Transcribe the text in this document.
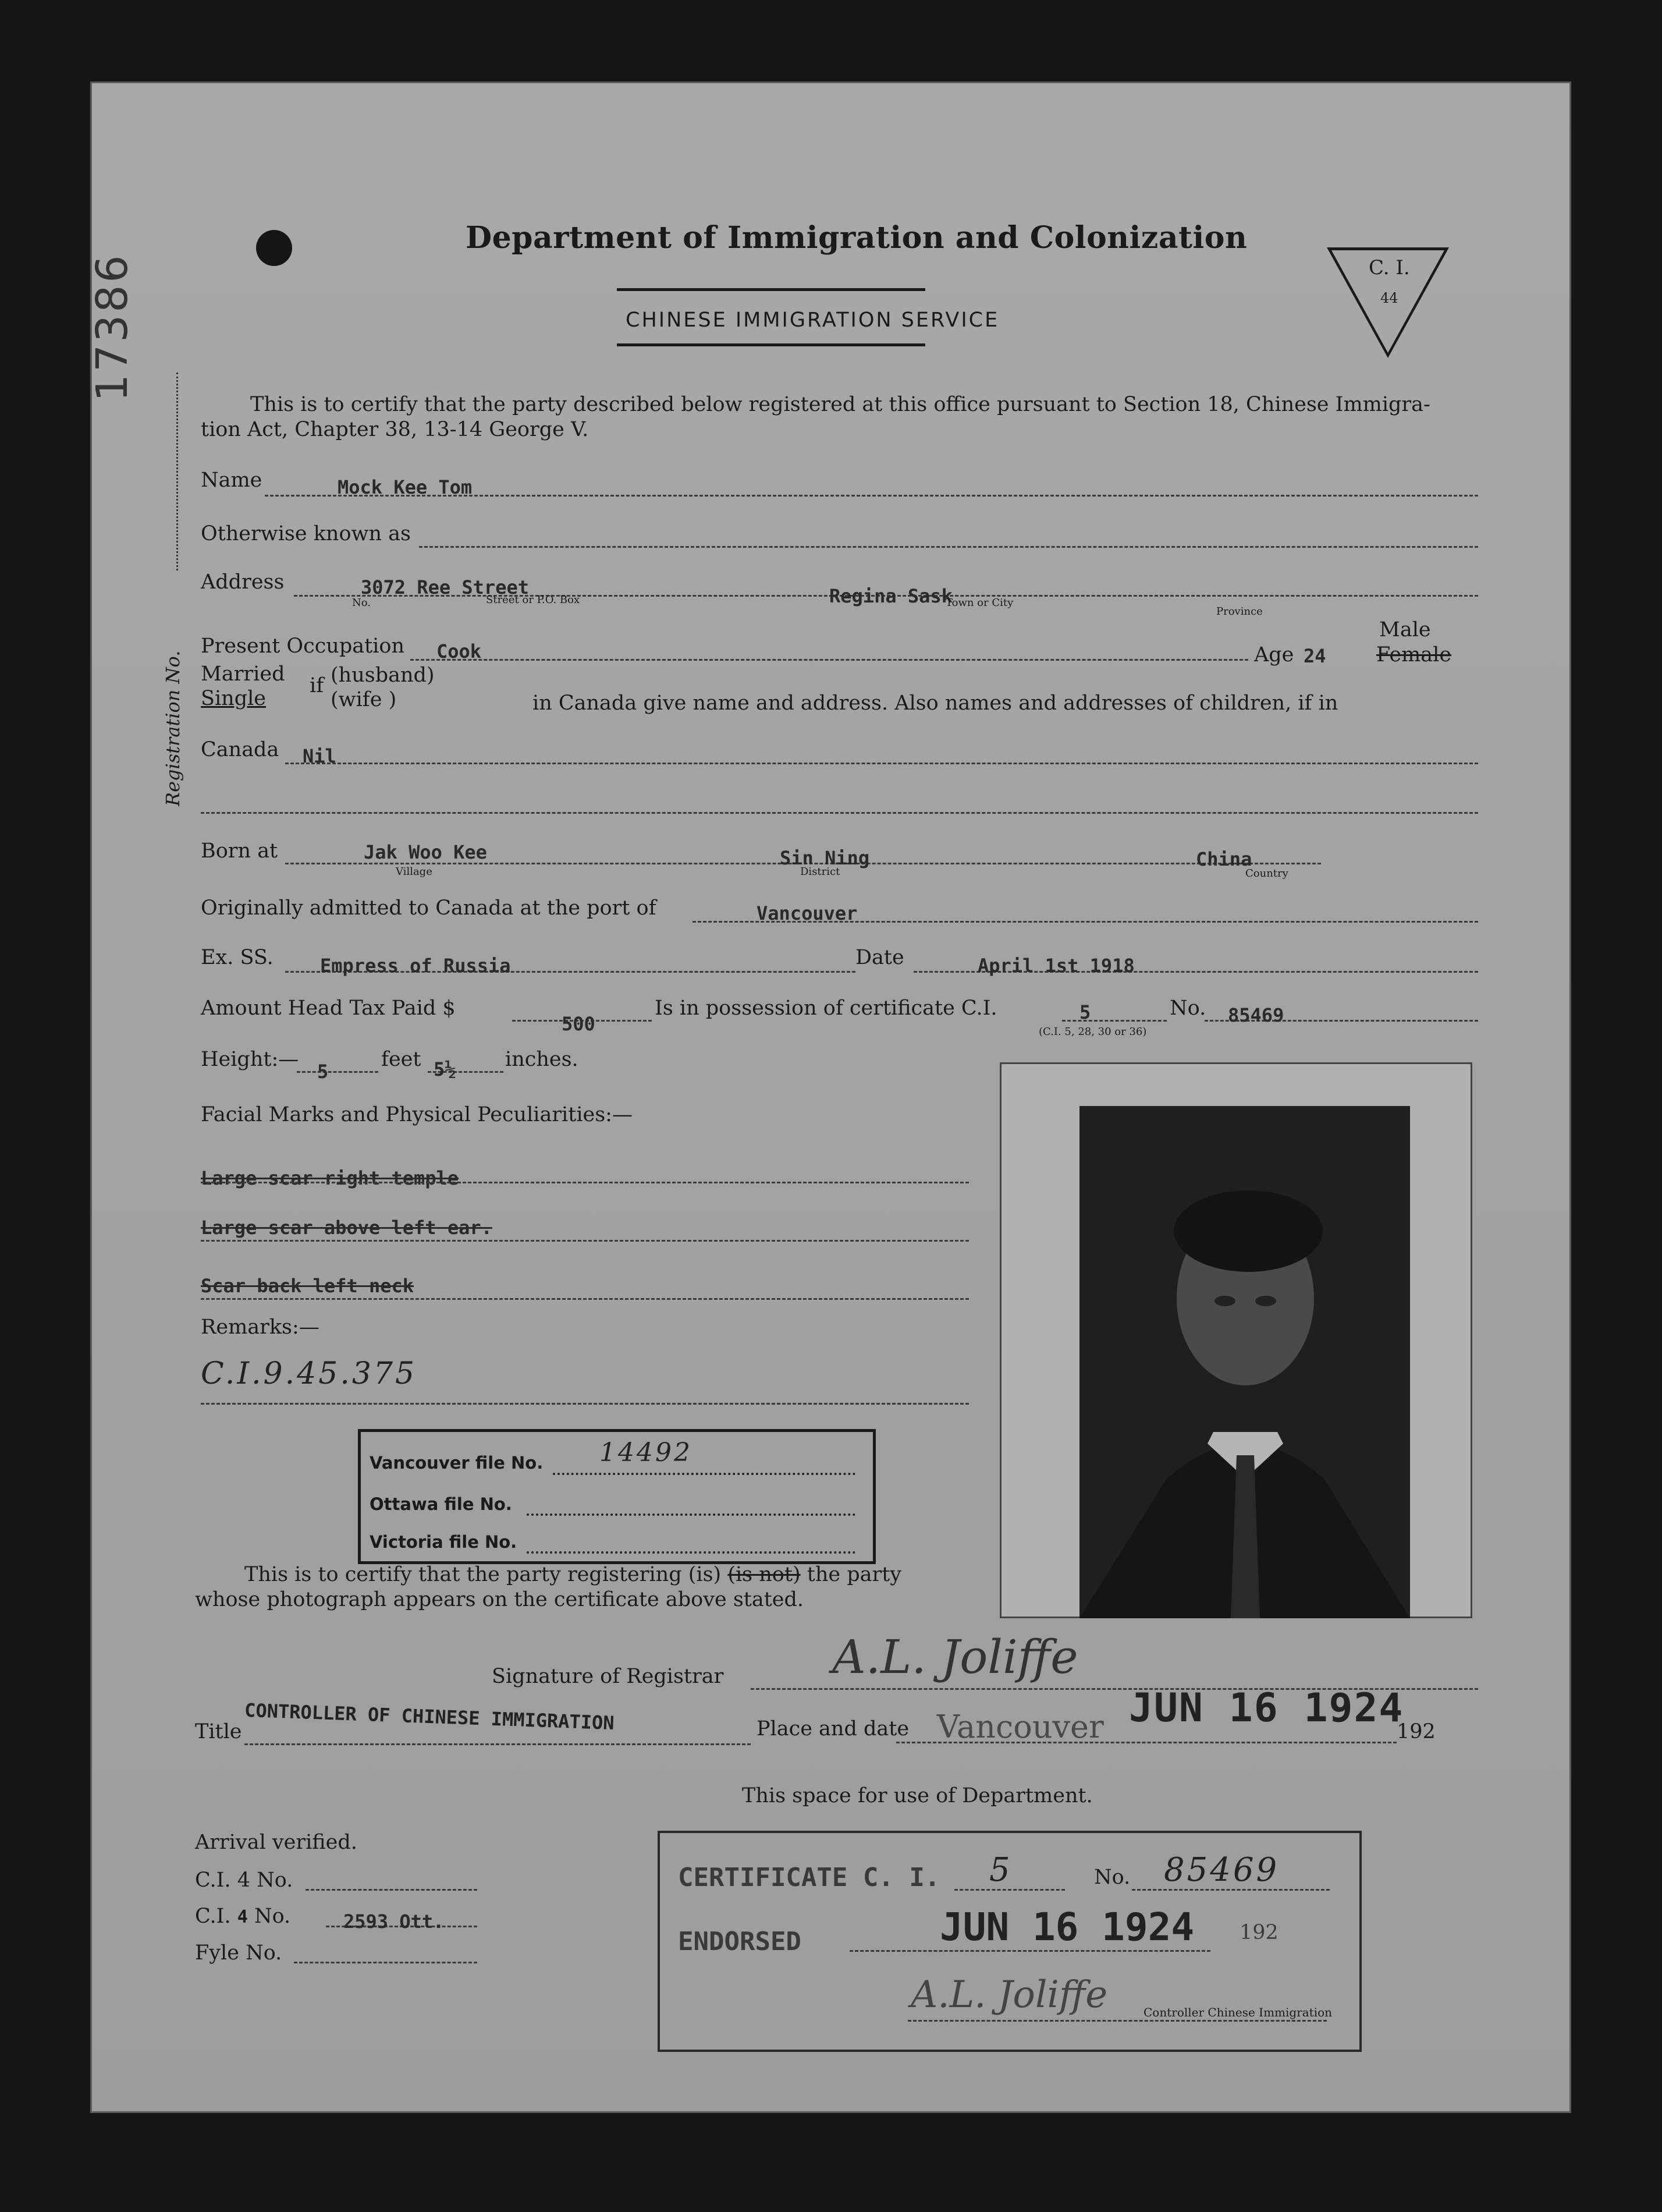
Department of Immigration and Colonization
CHINESE IMMIGRATION SERVICE
C. I.
44
17386
Registration No.
This is to certify that the party described below registered at this office pursuant to Section 18, Chinese Immigra-
tion Act, Chapter 38, 13-14 George V.
Name	Mock Kee Tom
Otherwise known as
Address	3072 Ree Street	Regina Sask
No.	Street or P.O. Box	Town or City
Province
Present Occupation Cook	Age 24
Male
Female
Married
Single
if (husband)
(wife )	in Canada give name and address. Also names and addresses of children, if in
Canada Nil
Born at	Jak Woo Kee	Sin Ning	China
Village	District	Country
Originally admitted to Canada at the port of	Vancouver
Ex. SS.	Empress of Russia	Date	April 1st 1918
Amount Head Tax Paid $
500
Is in possession of certificate C.I.	5	No. 85469
(C.I. 5, 28, 30 or 36)
Height:—
5
feet 5½ inches.
Facial Marks and Physical Peculiarities:—
Large scar right temple
Large scar above left ear.
Scar back left neck
Remarks:—
C.I.9.45.375
Vancouver file No. 14492
Ottawa file No.
Victoria file No.
This is to certify that the party registering (is) (is not) the party
whose photograph appears on the certificate above stated.
Signature of Registrar A.L. Joliffe
Title CONTROLLER OF CHINESE IMMIGRATION	Place and date Vancouver JUN 16 1924
192
This space for use of Department.
Arrival verified.
C.I. 4 No.
C.I. 4 No.	2593 Ott.
Fyle No.
CERTIFICATE C. I. 5	No. 85469
ENDORSED	JUN 16 1924 192
A.L. Joliffe	Controller Chinese Immigration
